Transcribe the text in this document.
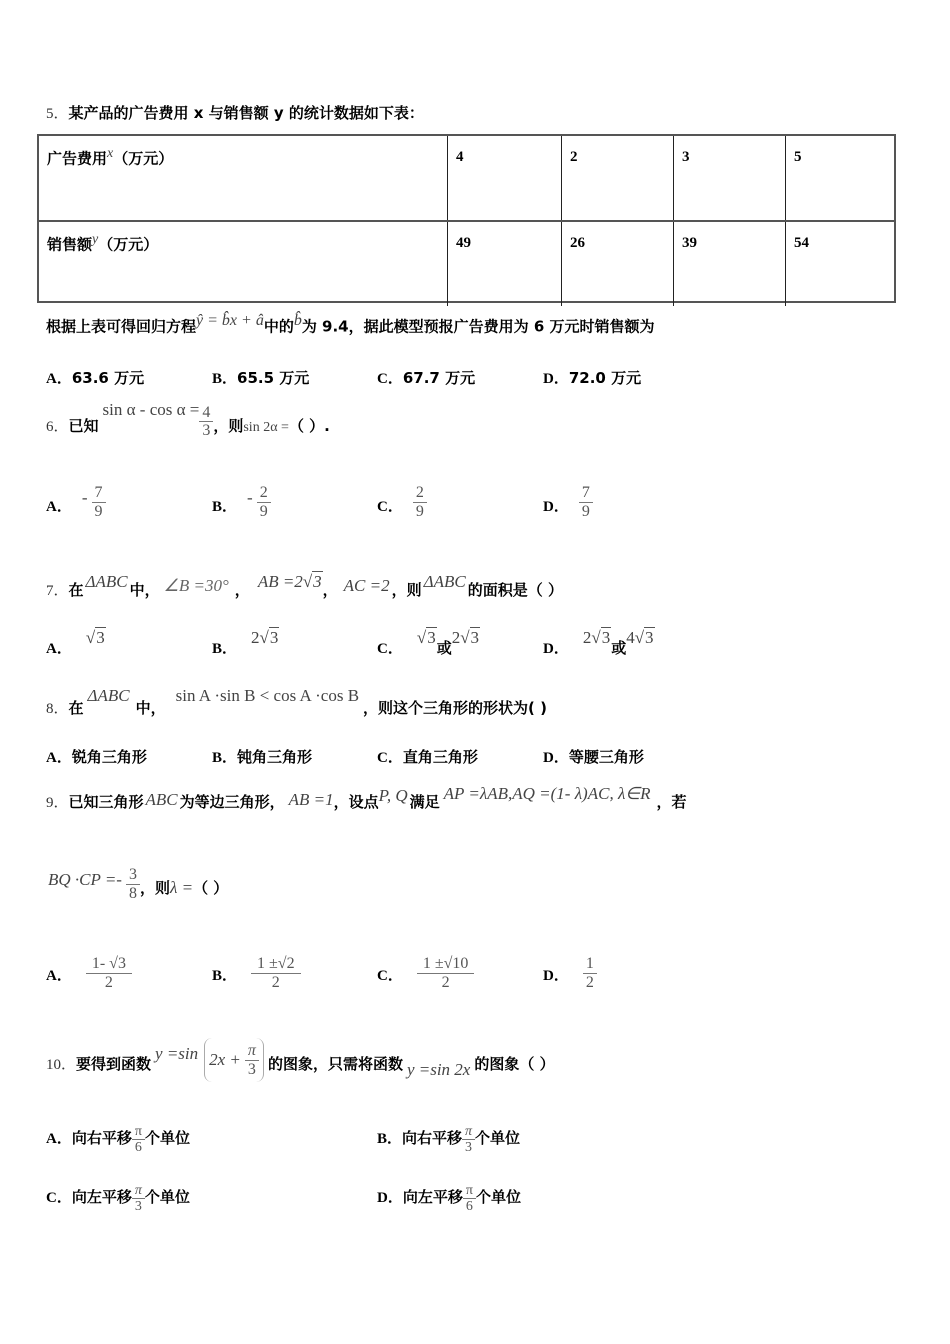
5．某产品的广告费用 x 与销售额 y 的统计数据如下表：
广告费用$^x$（万元）	4	2	3	5
销售额$^y$（万元）	49	26	39	54
根据上表可得回归方程$^{ŷ = b̂x + â}$中的$^{b̂}$为 9.4，据此模型预报广告费用为 6 万元时销售额为
A．63.6 万元	B．65.5 万元	C．67.7 万元	D．72.0 万元
6． 已知
$\sin \alpha - \cos \alpha = \frac{4}{3}$ ，则 sin 2α = （ ）.
A． - $\frac{7}{9}$	B． - $\frac{2}{9}$	C． $\frac{2}{9}$	D． $\frac{7}{9}$
7． 在 ΔABC 中， ∠B =30° ， AB =2√3 ， AC =2 ，则 ΔABC 的面积是（ ）
A．
√3
B．
2√3
C．
√3
或
2√3
D．
2√3
或
4√3
8． 在
ΔABC
中，
sin A ·sin B < cos A ·cos B
，则这个三角形的形状为( )
A．锐角三角形	B．钝角三角形	C．直角三角形	D．等腰三角形
9． 已知三角形 ABC 为等边三角形， AB =1 ，设点 P, Q 满足 AP =λAB,AQ =(1- λ)AC, λ∈R ，若
BQ $\cdot CP =- \frac{3}{8}$ ，则 λ = （ ）
A． $\frac{1- √3}{2}$	B． $\frac{1 \pm√2}{2}$	C． $\frac{1 \pm√10}{2}$	D． $\frac{1}{2}$
10． 要得到函数
y =sin $2x + \frac{\pi}{3}$ 的图象，只需将函数 y =sin 2x 的图象（ ）
A． 向右平移 $\frac{\pi}{6}$ 个单位	B． 向右平移 $\frac{\pi}{3}$ 个单位
C． 向左平移 $\frac{\pi}{3}$ 个单位	D． 向左平移 $\frac{\pi}{6}$ 个单位
